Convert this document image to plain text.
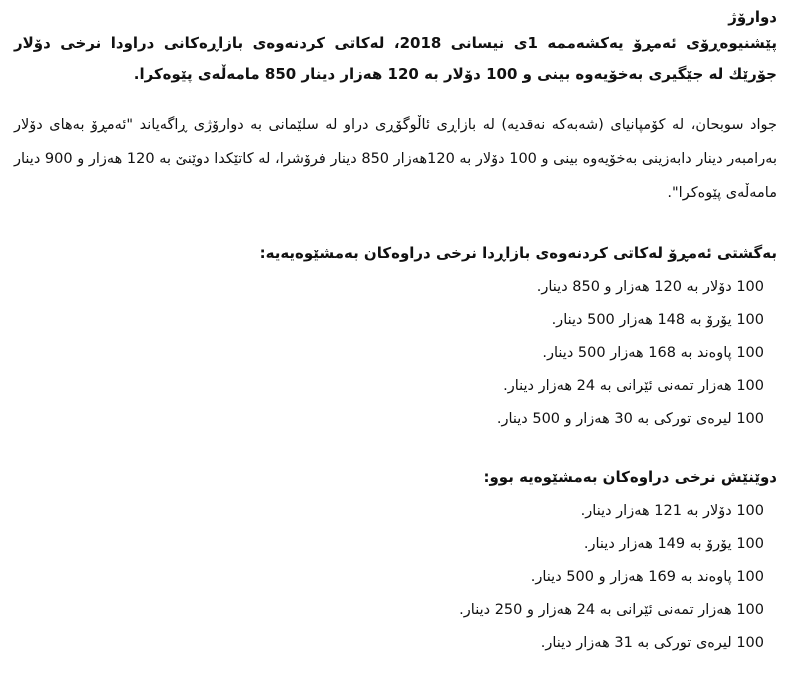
دوارۆژ

پێشنیوەڕۆی ئەمڕۆ یەکشەممە 1ی نیسانی 2018، لەکاتی کردنەوەی بازاڕەکانی دراودا نرخی دۆلار جۆرێك لە جێگیری بەخۆیەوە بینی و 100 دۆلار بە 120 هەزار دینار 850 مامەڵەی پێوەکرا.

جواد سوبحان، لە کۆمپانیای (شەبەکە نەقدیە) لە بازاڕی ئاڵوگۆڕی دراو لە سلێمانی بە دوارۆژی ڕاگەیاند "ئەمڕۆ بەهای دۆلار بەرامبەر دینار دابەزینی بەخۆیەوە بینی و 100 دۆلار بە 120هەزار 850 دینار فرۆشرا، لە کاتێکدا دوێنێ بە 120 هەزار و 900 دینار مامەڵەی پێوەکرا".

بەگشتی ئەمڕۆ لەکاتی کردنەوەی بازاڕدا نرخی دراوەکان بەمشێوەیەیە:
100 دۆلار بە 120 هەزار و 850 دینار.
100 یۆرۆ بە 148 هەزار 500 دینار.
100 پاوەند بە 168 هەزار 500 دینار.
100 هەزار تمەنی ئێرانی بە 24 هەزار دینار.
100 لیرەی تورکی بە 30 هەزار و 500 دینار.
دوێنێش نرخی دراوەکان بەمشێوەیە بوو:
100 دۆلار بە 121 هەزار دینار.
100 یۆرۆ بە 149 هەزار دینار.
100 پاوەند بە 169 هەزار و 500 دینار.
100 هەزار تمەنی ئێرانی بە 24 هەزار و 250 دینار.
100 لیرەی تورکی بە 31 هەزار دینار.
